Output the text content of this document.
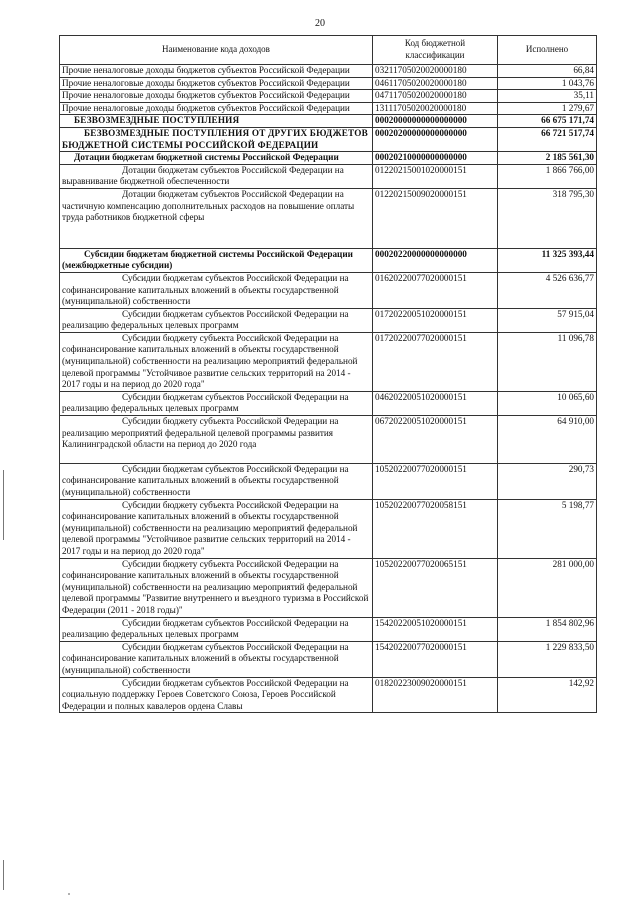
20
Наименование кода доходов	Код бюджетной классификации	Исполнено
Прочие неналоговые доходы бюджетов субъектов Российской Федерации	03211705020020000180	66,84
Прочие неналоговые доходы бюджетов субъектов Российской Федерации	04611705020020000180	1 043,76
Прочие неналоговые доходы бюджетов субъектов Российской Федерации	04711705020020000180	35,11
Прочие неналоговые доходы бюджетов субъектов Российской Федерации	13111705020020000180	1 279,67
БЕЗВОЗМЕЗДНЫЕ ПОСТУПЛЕНИЯ	00020000000000000000	66 675 171,74
БЕЗВОЗМЕЗДНЫЕ ПОСТУПЛЕНИЯ ОТ ДРУГИХ БЮДЖЕТОВ БЮДЖЕТНОЙ СИСТЕМЫ РОССИЙСКОЙ ФЕДЕРАЦИИ	00020200000000000000	66 721 517,74
Дотации бюджетам бюджетной системы Российской Федерации	00020210000000000000	2 185 561,30
Дотации бюджетам субъектов Российской Федерации на выравнивание бюджетной обеспеченности	01220215001020000151	1 866 766,00
Дотации бюджетам субъектов Российской Федерации на частичную компенсацию дополнительных расходов на повышение оплаты труда работников бюджетной сферы	01220215009020000151	318 795,30
Субсидии бюджетам бюджетной системы Российской Федерации (межбюджетные субсидии)	00020220000000000000	11 325 393,44
Субсидии бюджетам субъектов Российской Федерации на софинансирование капитальных вложений в объекты государственной (муниципальной) собственности	01620220077020000151	4 526 636,77
Субсидии бюджетам субъектов Российской Федерации на реализацию федеральных целевых программ	01720220051020000151	57 915,04
Субсидии бюджету субъекта Российской Федерации на софинансирование капитальных вложений в объекты государственной (муниципальной) собственности на реализацию мероприятий федеральной целевой программы "Устойчивое развитие сельских территорий на 2014 - 2017 годы и на период до 2020 года"	01720220077020000151	11 096,78
Субсидии бюджетам субъектов Российской Федерации на реализацию федеральных целевых программ	04620220051020000151	10 065,60
Субсидии бюджету субъекта Российской Федерации на реализацию мероприятий федеральной целевой программы развития Калининградской области на период до 2020 года	06720220051020000151	64 910,00
Субсидии бюджетам субъектов Российской Федерации на софинансирование капитальных вложений в объекты государственной (муниципальной) собственности	10520220077020000151	290,73
Субсидии бюджету субъекта Российской Федерации на софинансирование капитальных вложений в объекты государственной (муниципальной) собственности на реализацию мероприятий федеральной целевой программы "Устойчивое развитие сельских территорий на 2014 - 2017 годы и на период до 2020 года"	10520220077020058151	5 198,77
Субсидии бюджету субъекта Российской Федерации на софинансирование капитальных вложений в объекты государственной (муниципальной) собственности на реализацию мероприятий федеральной целевой программы "Развитие внутреннего и въездного туризма в Российской Федерации (2011 - 2018 годы)"	10520220077020065151	281 000,00
Субсидии бюджетам субъектов Российской Федерации на реализацию федеральных целевых программ	15420220051020000151	1 854 802,96
Субсидии бюджетам субъектов Российской Федерации на софинансирование капитальных вложений в объекты государственной (муниципальной) собственности	15420220077020000151	1 229 833,50
Субсидии бюджетам субъектов Российской Федерации на социальную поддержку Героев Советского Союза, Героев Российской Федерации и полных кавалеров ордена Славы	01820223009020000151	142,92
